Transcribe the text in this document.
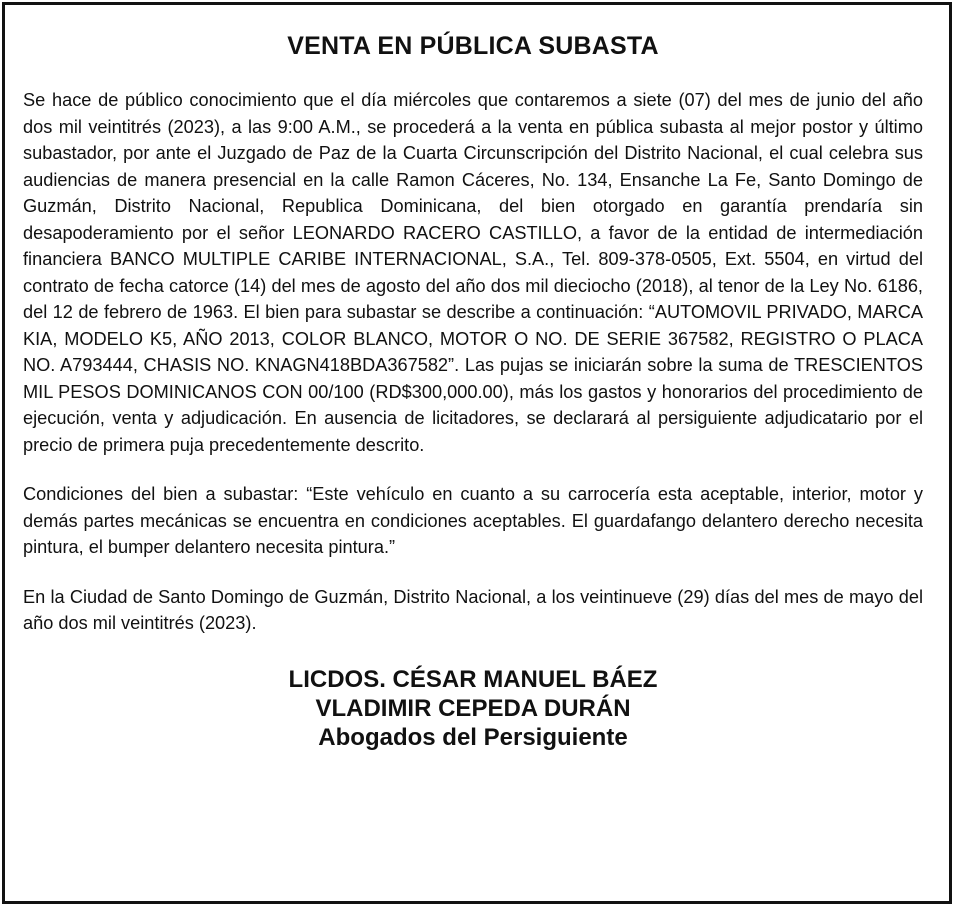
VENTA EN PÚBLICA SUBASTA

Se hace de público conocimiento que el día miércoles que contaremos a siete (07) del mes de junio del año dos mil veintitrés (2023), a las 9:00 A.M., se procederá a la venta en pública subasta al mejor postor y último subastador, por ante el Juzgado de Paz de la Cuarta Circunscripción del Distrito Nacional, el cual celebra sus audiencias de manera presencial en la calle Ramon Cáceres, No. 134, Ensanche La Fe, Santo Domingo de Guzmán, Distrito Nacional, Republica Dominicana, del bien otorgado en garantía prendaría sin desapoderamiento por el señor LEONARDO RACERO CASTILLO, a favor de la entidad de intermediación financiera BANCO MULTIPLE CARIBE INTERNACIONAL, S.A., Tel. 809-378-0505, Ext. 5504, en virtud del contrato de fecha catorce (14) del mes de agosto del año dos mil dieciocho (2018), al tenor de la Ley No. 6186, del 12 de febrero de 1963. El bien para subastar se describe a continuación: “AUTOMOVIL PRIVADO, MARCA KIA, MODELO K5, AÑO 2013, COLOR BLANCO, MOTOR O NO. DE SERIE 367582, REGISTRO O PLACA NO. A793444, CHASIS NO. KNAGN418BDA367582”. Las pujas se iniciarán sobre la suma de TRESCIENTOS MIL PESOS DOMINICANOS CON 00/100 (RD$300,000.00), más los gastos y honorarios del procedimiento de ejecución, venta y adjudicación. En ausencia de licitadores, se declarará al persiguiente adjudicatario por el precio de primera puja precedentemente descrito.

Condiciones del bien a subastar: “Este vehículo en cuanto a su carrocería esta aceptable, interior, motor y demás partes mecánicas se encuentra en condiciones aceptables. El guardafango delantero derecho necesita pintura, el bumper delantero necesita pintura.”

En la Ciudad de Santo Domingo de Guzmán, Distrito Nacional, a los veintinueve (29) días del mes de mayo del año dos mil veintitrés (2023).

LICDOS. CÉSAR MANUEL BÁEZ
VLADIMIR CEPEDA DURÁN
Abogados del Persiguiente
